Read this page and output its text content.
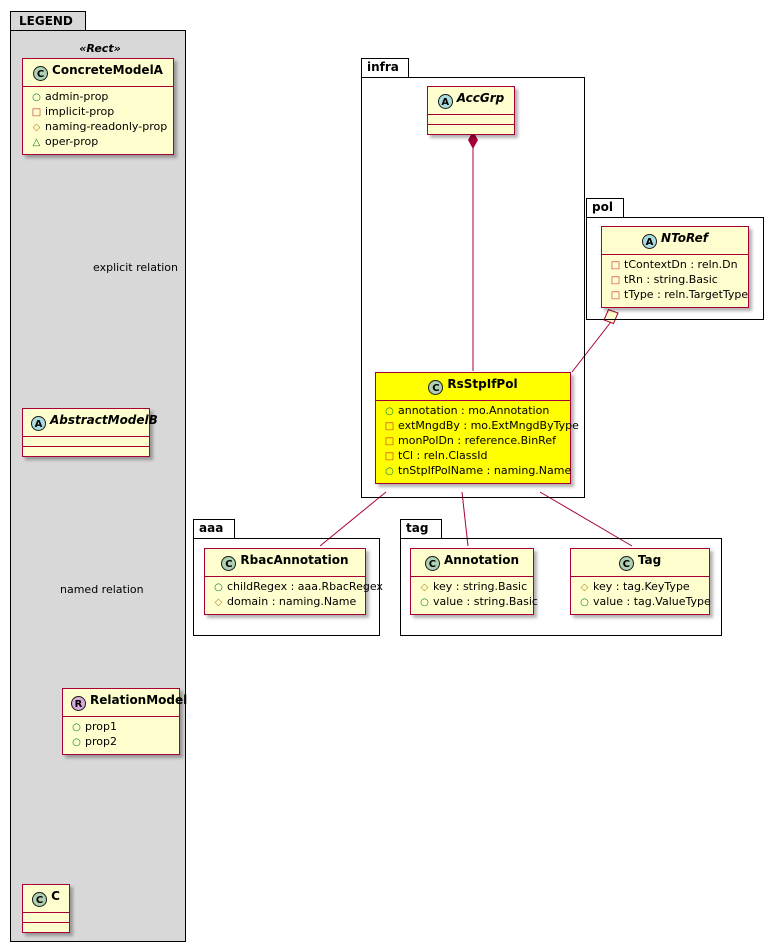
LEGEND
«Rect»
C ConcreteModelA
○ admin-prop
□ implicit-prop
◇ naming-readonly-prop
△ oper-prop
explicit relation
A AbstractModelB
named relation
R RelationModel
○ prop1
○ prop2
C C
infra
A AccGrp
C RsStpIfPol
○ annotation : mo.Annotation
□ extMngdBy : mo.ExtMngdByType
□ monPolDn : reference.BinRef
□ tCl : reln.ClassId
○ tnStpIfPolName : naming.Name
pol
A NToRef
□ tContextDn : reln.Dn
□ tRn : string.Basic
□ tType : reln.TargetType
aaa
C RbacAnnotation
○ childRegex : aaa.RbacRegex
◇ domain : naming.Name
tag
C Annotation
◇ key : string.Basic
○ value : string.Basic
C Tag
◇ key : tag.KeyType
○ value : tag.ValueType
